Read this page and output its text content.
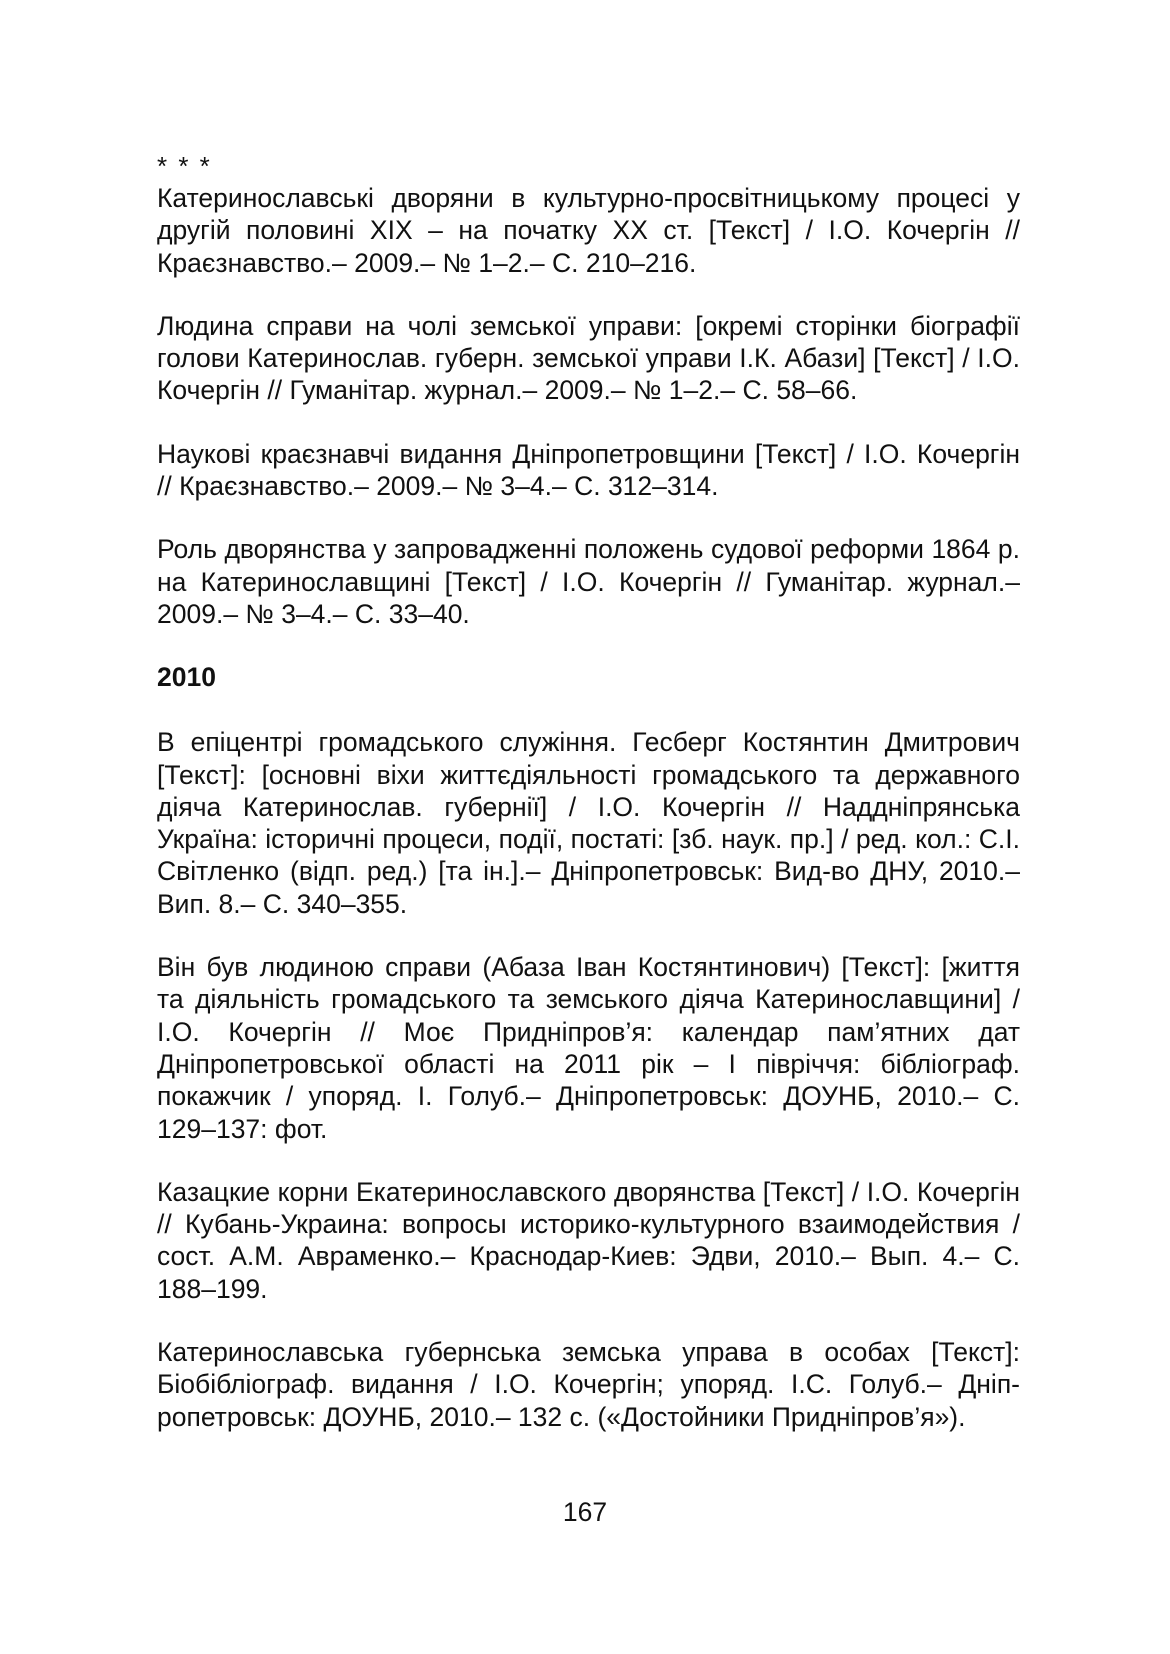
* * *

Катеринославські дворяни в культурно-просвітницькому процесі у другій половині XIX – на початку XX ст. [Текст] / І.О. Кочергін // Краєзнавство.– 2009.– № 1–2.– С. 210–216.

Людина справи на чолі земської управи: [окремі сторінки біографії голови Катеринослав. губерн. земської управи І.К. Абази] [Текст] / І.О. Кочергін // Гуманітар. журнал.– 2009.– № 1–2.– С. 58–66.

Наукові краєзнавчі видання Дніпропетровщини [Текст] / І.О. Кочергін // Краєзнавство.– 2009.– № 3–4.– С. 312–314.

Роль дворянства у запровадженні положень судової реформи 1864 р. на Катеринославщині [Текст] / І.О. Кочергін // Гуманітар. журнал.– 2009.– № 3–4.– С. 33–40.

2010

В епіцентрі громадського служіння. Гесберг Костянтин Дмитрович [Текст]: [основні віхи життєдіяльності громадського та державного діяча Катеринослав. губернії] / І.О. Кочергін // Наддніпрянська Україна: історичні процеси, події, постаті: [зб. наук. пр.] / ред. кол.: С.І. Світленко (відп. ред.) [та ін.].– Дніпропетровськ: Вид-во ДНУ, 2010.– Вип. 8.– С. 340–355.

Він був людиною справи (Абаза Іван Костянтинович) [Текст]: [життя та діяльність громадського та земського діяча Катеринославщини] / І.О. Кочергін // Моє Придніпров’я: календар пам’ятних дат Дніпропетровської області на 2011 рік – І півріччя: бібліограф. покажчик / упоряд. І. Голуб.– Дніпропетровськ: ДОУНБ, 2010.– С. 129–137: фот.

Казацкие корни Екатеринославского дворянства [Текст] / І.О. Кочергін // Кубань-Украина: вопросы историко-культурного взаимодействия / сост. А.М. Авраменко.– Краснодар-Киев: Эдви, 2010.– Вып. 4.– С. 188–199.

Катеринославська губернська земська управа в особах [Текст]: Біобібліограф. видання / І.О. Кочергін; упоряд. І.С. Голуб.– Дніпропетровськ: ДОУНБ, 2010.– 132 с. («Достойники Придніпров’я»).

167
